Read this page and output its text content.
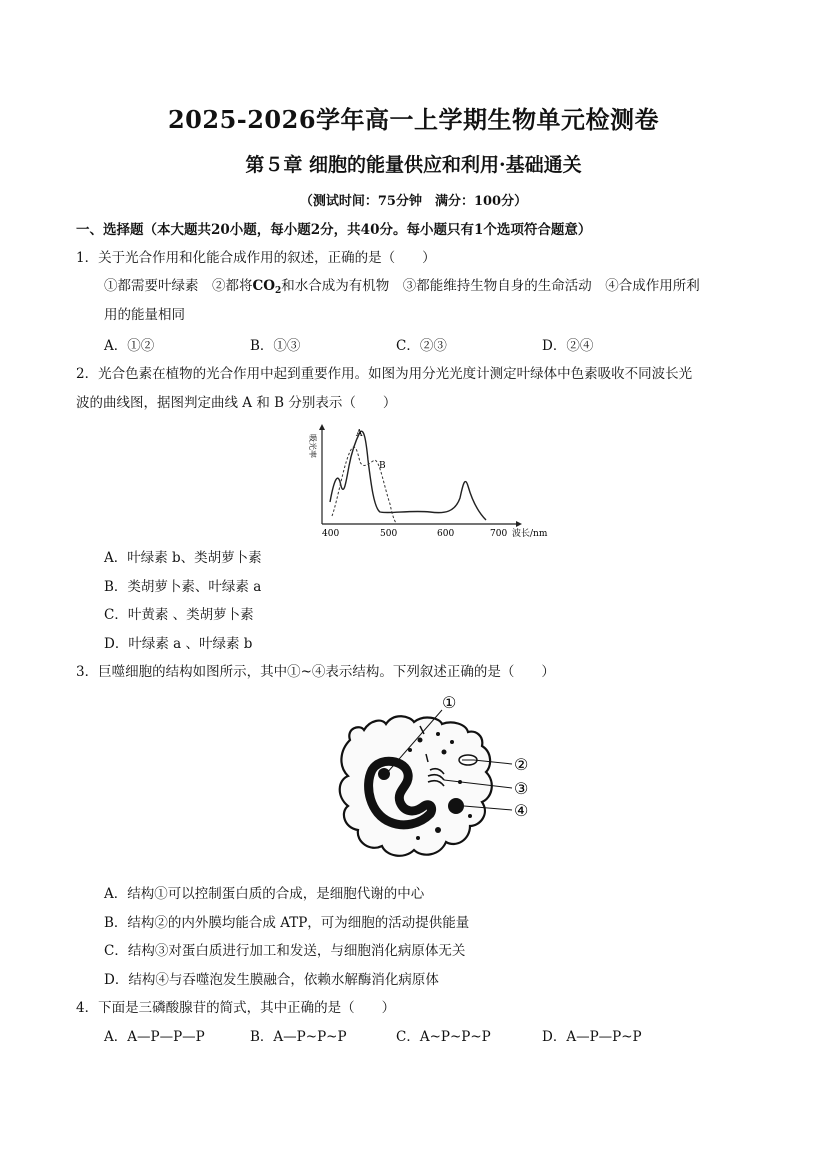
2025-2026学年高一上学期生物单元检测卷
第５章 细胞的能量供应和利用·基础通关
（测试时间：75分钟　满分：100分）
一、选择题（本大题共20小题，每小题2分，共40分。每小题只有1个选项符合题意）
1．关于光合作用和化能合成作用的叙述，正确的是（　　）
①都需要叶绿素　②都将$CO_2$和水合成为有机物　③都能维持生物自身的生命活动　④合成作用所利
用的能量相同
A．①②	B．①③	C．②③	D．②④
2．光合色素在植物的光合作用中起到重要作用。如图为用分光光度计测定叶绿体中色素吸收不同波长光
波的曲线图，据图判定曲线 A 和 B 分别表示（　　）
吸光率	A
B
400	500	600	700 波长/nm
A．叶绿素 b、类胡萝卜素
B．类胡萝卜素、叶绿素 a
C．叶黄素 、类胡萝卜素
D．叶绿素 a 、叶绿素 b
3．巨噬细胞的结构如图所示，其中①~④表示结构。下列叙述正确的是（　　）
①
②
③
④
A．结构①可以控制蛋白质的合成，是细胞代谢的中心
B．结构②的内外膜均能合成 ATP，可为细胞的活动提供能量
C．结构③对蛋白质进行加工和发送，与细胞消化病原体无关
D．结构④与吞噬泡发生膜融合，依赖水解酶消化病原体
4．下面是三磷酸腺苷的简式，其中正确的是（　　）
A．A—P—P—P	B．A—P~P~P	C．A~P~P~P	D．A—P—P~P
